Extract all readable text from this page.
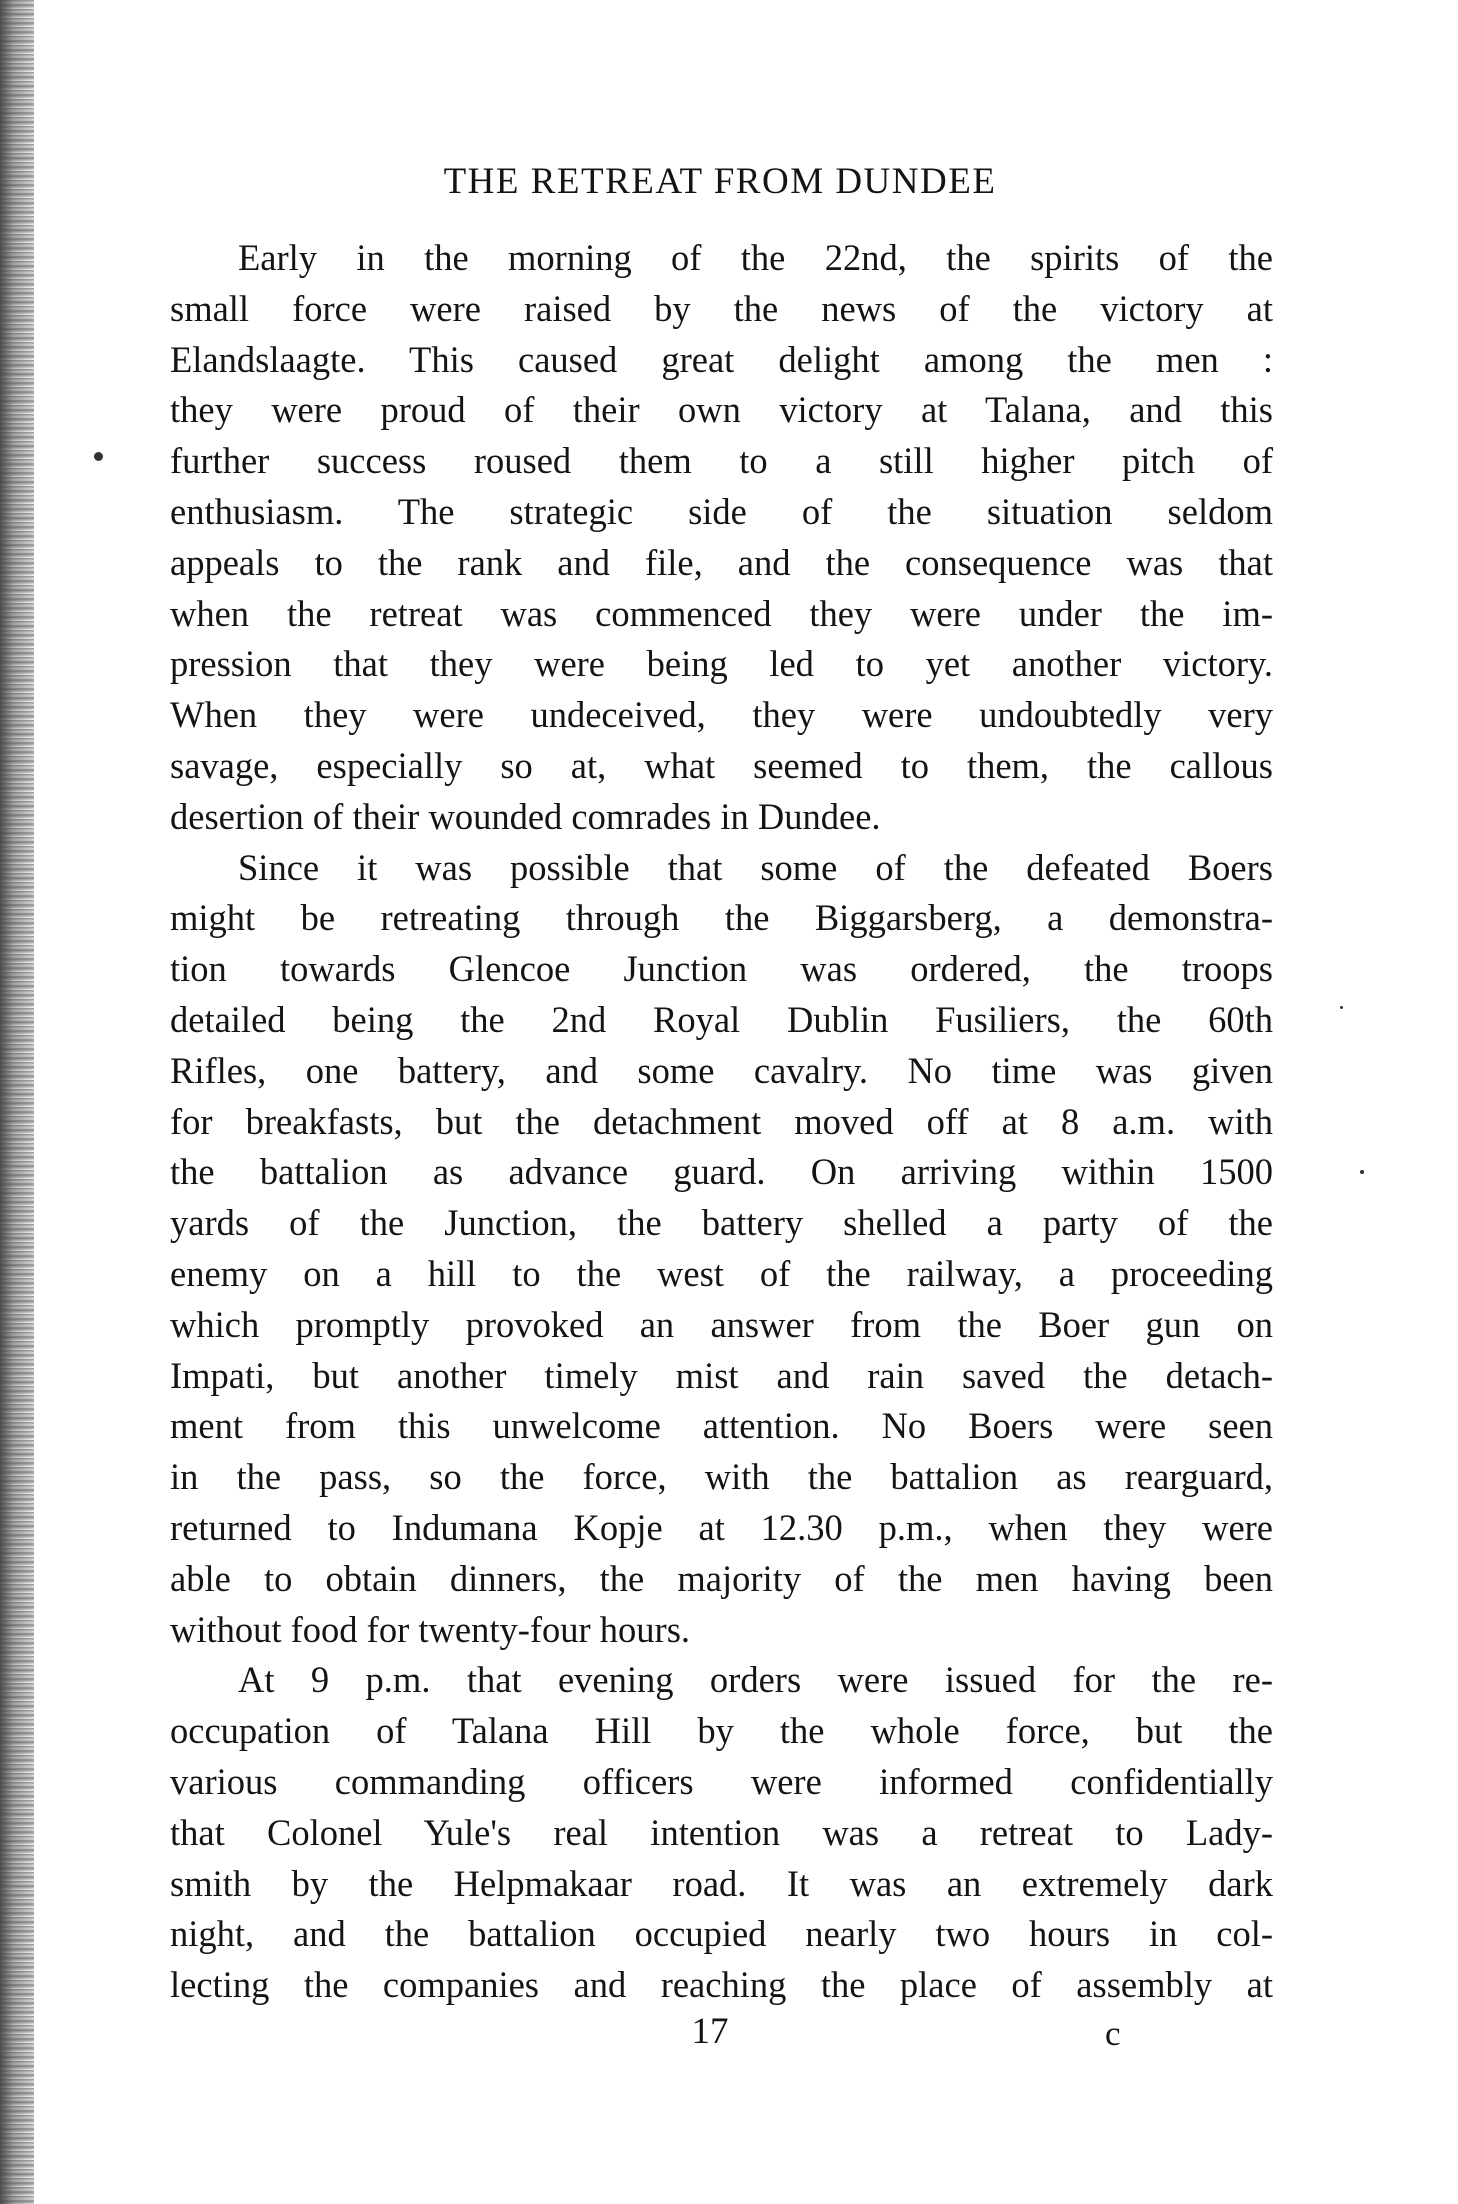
THE RETREAT FROM DUNDEE
Early in the morning of the 22nd, the spirits of the
small force were raised by the news of the victory at
Elandslaagte. This caused great delight among the men :
they were proud of their own victory at Talana, and this
further success roused them to a still higher pitch of
enthusiasm. The strategic side of the situation seldom
appeals to the rank and file, and the consequence was that
when the retreat was commenced they were under the im-
pression that they were being led to yet another victory.
When they were undeceived, they were undoubtedly very
savage, especially so at, what seemed to them, the callous
desertion of their wounded comrades in Dundee.
Since it was possible that some of the defeated Boers
might be retreating through the Biggarsberg, a demonstra-
tion towards Glencoe Junction was ordered, the troops
detailed being the 2nd Royal Dublin Fusiliers, the 60th
Rifles, one battery, and some cavalry. No time was given
for breakfasts, but the detachment moved off at 8 a.m. with
the battalion as advance guard. On arriving within 1500
yards of the Junction, the battery shelled a party of the
enemy on a hill to the west of the railway, a proceeding
which promptly provoked an answer from the Boer gun on
Impati, but another timely mist and rain saved the detach-
ment from this unwelcome attention. No Boers were seen
in the pass, so the force, with the battalion as rearguard,
returned to Indumana Kopje at 12.30 p.m., when they were
able to obtain dinners, the majority of the men having been
without food for twenty-four hours.
At 9 p.m. that evening orders were issued for the re-
occupation of Talana Hill by the whole force, but the
various commanding officers were informed confidentially
that Colonel Yule's real intention was a retreat to Lady-
smith by the Helpmakaar road. It was an extremely dark
night, and the battalion occupied nearly two hours in col-
lecting the companies and reaching the place of assembly at
17	c
